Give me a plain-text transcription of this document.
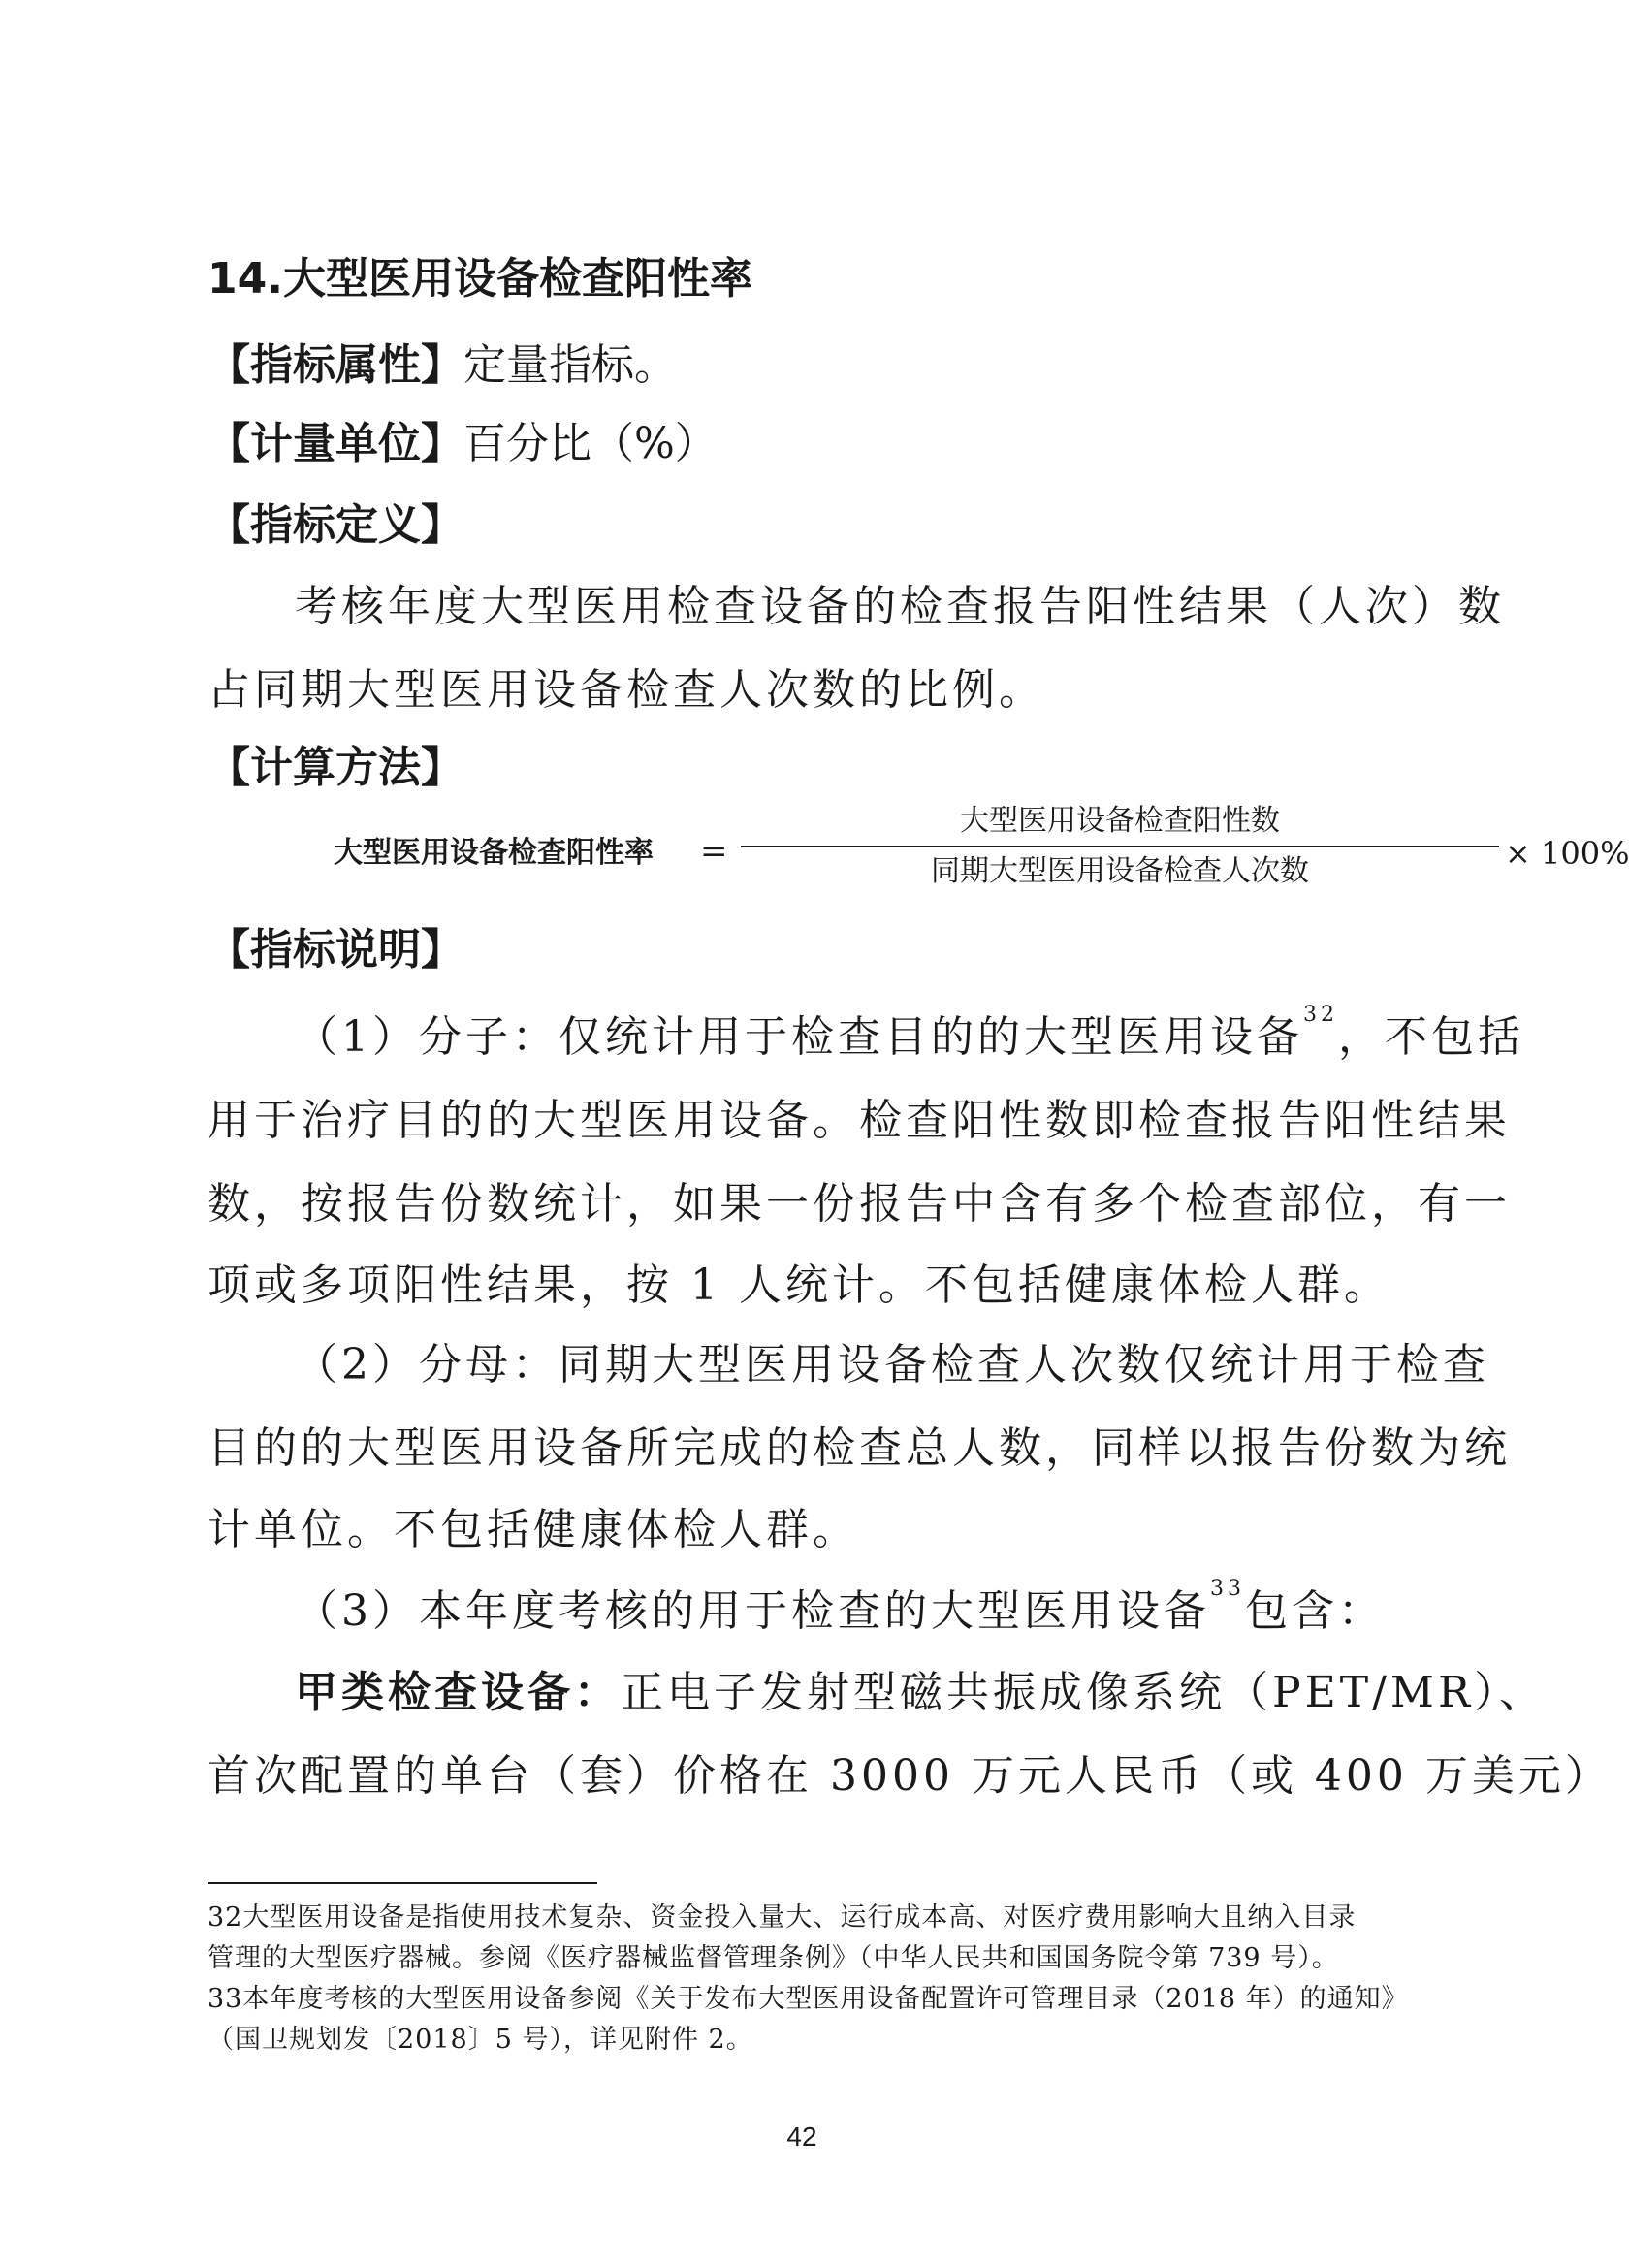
14.大型医用设备检查阳性率
【指标属性】定量指标。
【计量单位】百分比（%）
【指标定义】
考核年度大型医用检查设备的检查报告阳性结果（人次）数
占同期大型医用设备检查人次数的比例。
【计算方法】
大型医用设备检查阳性率 =
大型医用设备检查阳性数
同期大型医用设备检查人次数	× 100%
【指标说明】
（1）分子：仅统计用于检查目的的大型医用设备$^{32}$，不包括
用于治疗目的的大型医用设备。检查阳性数即检查报告阳性结果
数，按报告份数统计，如果一份报告中含有多个检查部位，有一
项或多项阳性结果，按 1 人统计。不包括健康体检人群。
（2）分母：同期大型医用设备检查人次数仅统计用于检查
目的的大型医用设备所完成的检查总人数，同样以报告份数为统
计单位。不包括健康体检人群。
（3）本年度考核的用于检查的大型医用设备$^{33}$包含：
甲类检查设备：正电子发射型磁共振成像系统（PET/MR）、
首次配置的单台（套）价格在 3000 万元人民币（或 400 万美元）
32大型医用设备是指使用技术复杂、资金投入量大、运行成本高、对医疗费用影响大且纳入目录
管理的大型医疗器械。参阅《医疗器械监督管理条例》（中华人民共和国国务院令第 739 号）。
33本年度考核的大型医用设备参阅《关于发布大型医用设备配置许可管理目录（2018 年）的通知》
（国卫规划发〔2018〕5 号），详见附件 2。
42
